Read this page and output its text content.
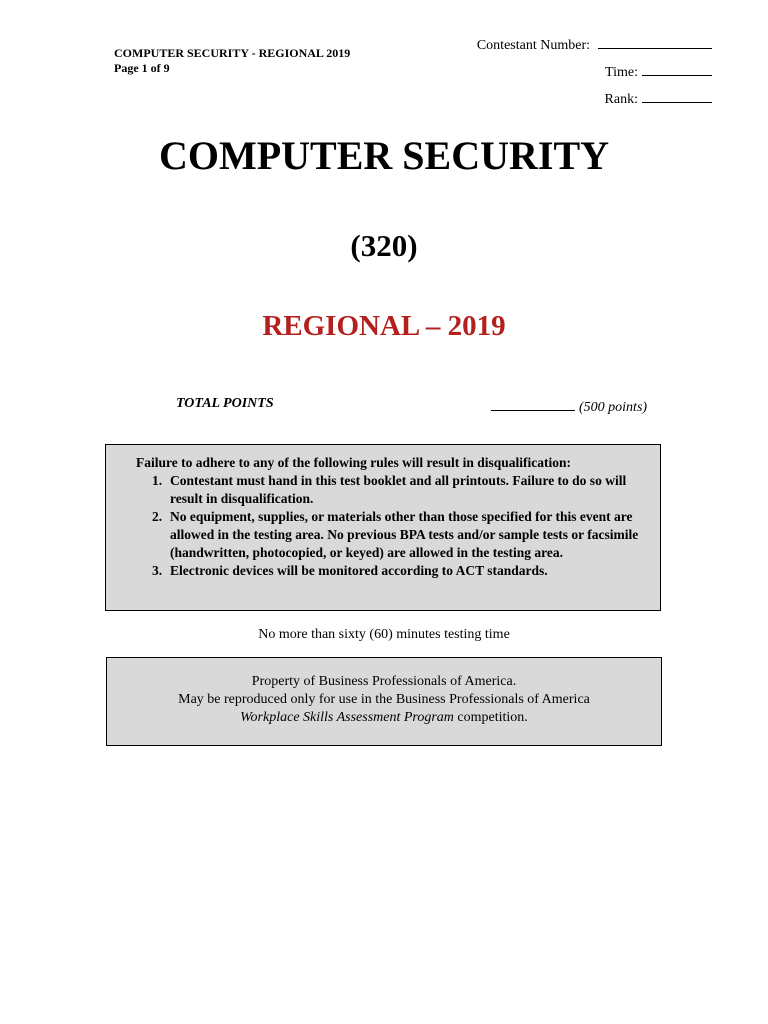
COMPUTER SECURITY - REGIONAL 2019
Page 1 of 9
Contestant Number:
Time:
Rank:
COMPUTER SECURITY
(320)
REGIONAL – 2019
TOTAL POINTS	(500 points)
Failure to adhere to any of the following rules will result in disqualification:
1. Contestant must hand in this test booklet and all printouts. Failure to do so will result in disqualification.
2. No equipment, supplies, or materials other than those specified for this event are allowed in the testing area. No previous BPA tests and/or sample tests or facsimile (handwritten, photocopied, or keyed) are allowed in the testing area.
3. Electronic devices will be monitored according to ACT standards.
No more than sixty (60) minutes testing time
Property of Business Professionals of America.
May be reproduced only for use in the Business Professionals of America
Workplace Skills Assessment Program competition.
